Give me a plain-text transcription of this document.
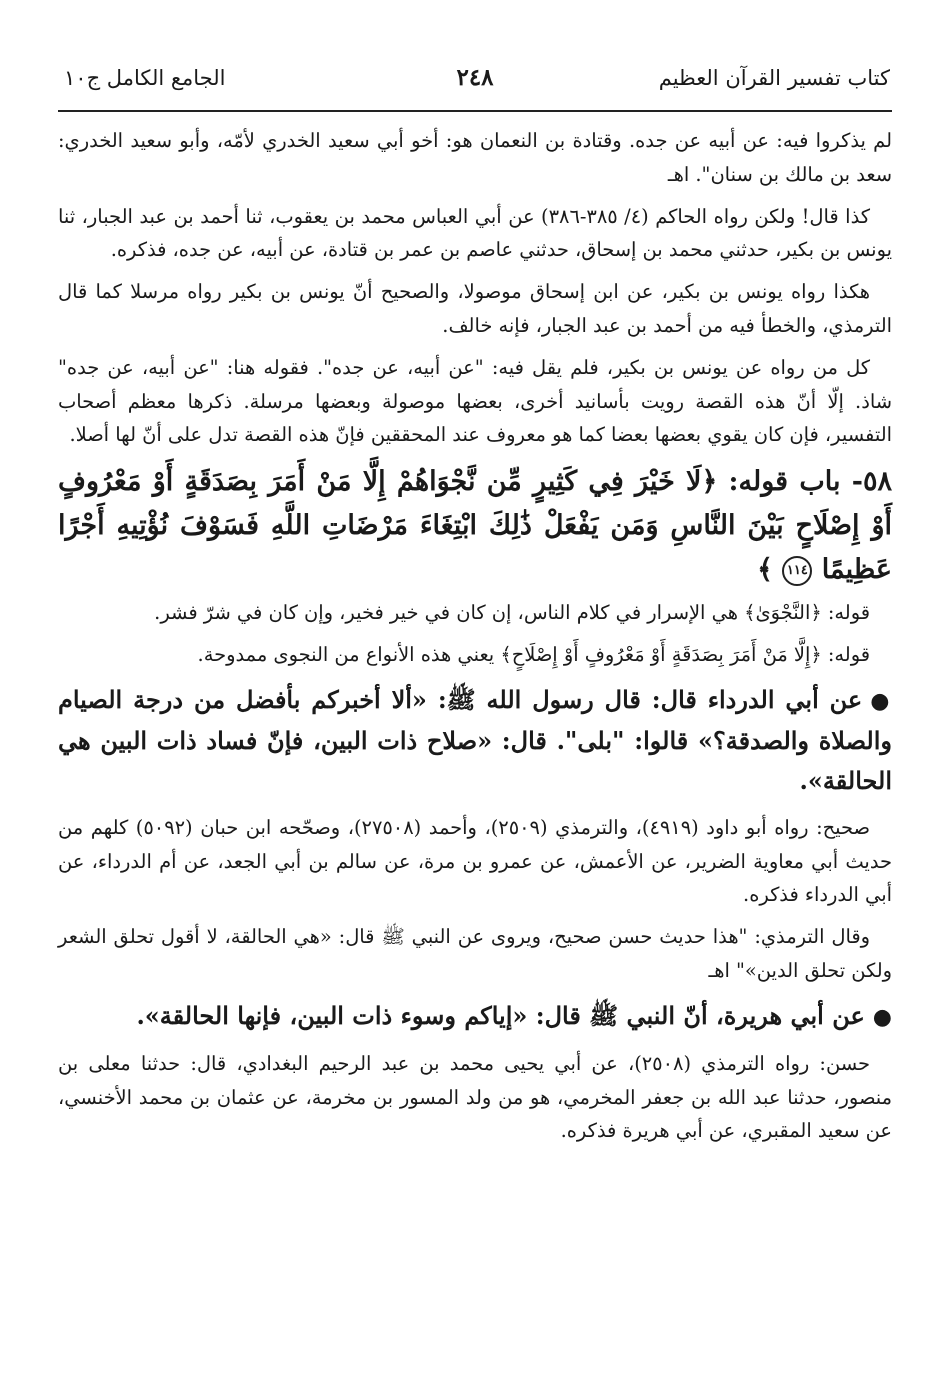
كتاب تفسير القرآن العظيم
٢٤٨
الجامع الكامل ج١٠

لم يذكروا فيه: عن أبيه عن جده. وقتادة بن النعمان هو: أخو أبي سعيد الخدري لأمّه، وأبو سعيد الخدري: سعد بن مالك بن سنان". اهـ

كذا قال! ولكن رواه الحاكم (٤/ ٣٨٥-٣٨٦) عن أبي العباس محمد بن يعقوب، ثنا أحمد بن عبد الجبار، ثنا يونس بن بكير، حدثني محمد بن إسحاق، حدثني عاصم بن عمر بن قتادة، عن أبيه، عن جده، فذكره.

هكذا رواه يونس بن بكير، عن ابن إسحاق موصولا، والصحيح أنّ يونس بن بكير رواه مرسلا كما قال الترمذي، والخطأ فيه من أحمد بن عبد الجبار، فإنه خالف.

كل من رواه عن يونس بن بكير، فلم يقل فيه: "عن أبيه، عن جده". فقوله هنا: "عن أبيه، عن جده" شاذ. إلّا أنّ هذه القصة رويت بأسانيد أخرى، بعضها موصولة وبعضها مرسلة. ذكرها معظم أصحاب التفسير، فإن كان يقوي بعضها بعضا كما هو معروف عند المحققين فإنّ هذه القصة تدل على أنّ لها أصلا.

٥٨- باب قوله: ﴿لَا خَيْرَ فِي كَثِيرٍ مِّن نَّجْوَاهُمْ إِلَّا مَنْ أَمَرَ بِصَدَقَةٍ أَوْ مَعْرُوفٍ أَوْ إِصْلَاحٍ بَيْنَ النَّاسِ وَمَن يَفْعَلْ ذَٰلِكَ ابْتِغَاءَ مَرْضَاتِ اللَّهِ فَسَوْفَ نُؤْتِيهِ أَجْرًا عَظِيمًا ١١٤ ﴾

قوله: ﴿النَّجْوَىٰ﴾ هي الإسرار في كلام الناس، إن كان في خير فخير، وإن كان في شرّ فشر.

قوله: ﴿إِلَّا مَنْ أَمَرَ بِصَدَقَةٍ أَوْ مَعْرُوفٍ أَوْ إِصْلَاحٍ﴾ يعني هذه الأنواع من النجوى ممدوحة.

●عن أبي الدرداء قال: قال رسول الله ﷺ: «ألا أخبركم بأفضل من درجة الصيام والصلاة والصدقة؟» قالوا: "بلى". قال: «صلاح ذات البين، فإنّ فساد ذات البين هي الحالقة».

صحيح: رواه أبو داود (٤٩١٩)، والترمذي (٢٥٠٩)، وأحمد (٢٧٥٠٨)، وصحّحه ابن حبان (٥٠٩٢) كلهم من حديث أبي معاوية الضرير، عن الأعمش، عن عمرو بن مرة، عن سالم بن أبي الجعد، عن أم الدرداء، عن أبي الدرداء فذكره.

وقال الترمذي: "هذا حديث حسن صحيح، ويروى عن النبي ﷺ قال: «هي الحالقة، لا أقول تحلق الشعر ولكن تحلق الدين»" اهـ

●عن أبي هريرة، أنّ النبي ﷺ قال: «إياكم وسوء ذات البين، فإنها الحالقة».

حسن: رواه الترمذي (٢٥٠٨)، عن أبي يحيى محمد بن عبد الرحيم البغدادي، قال: حدثنا معلى بن منصور، حدثنا عبد الله بن جعفر المخرمي، هو من ولد المسور بن مخرمة، عن عثمان بن محمد الأخنسي، عن سعيد المقبري، عن أبي هريرة فذكره.
